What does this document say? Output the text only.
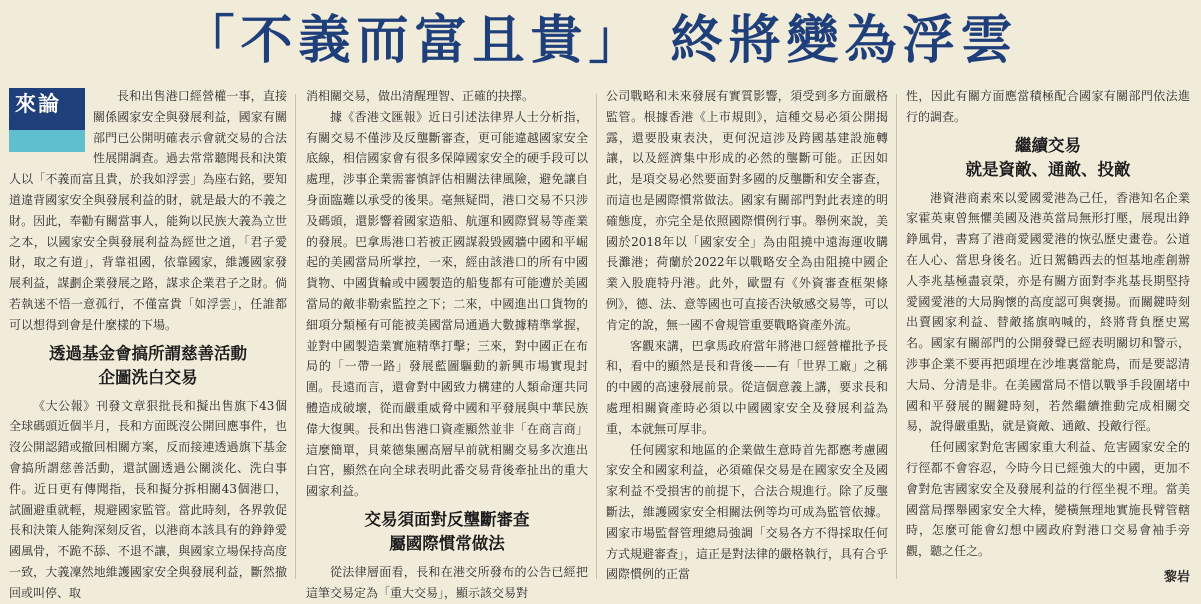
「不義而富且貴」 終將變為浮雲
來論	長和出售港口經營權一事，直接關係國家安全與發展利益，國家有關部門已公開明確表示會就交易的合法性展開調查。過去常常聽聞長和決策人以「不義而富且貴，於我如浮雲」為座右銘，要知道違背國家安全與發展利益的財，就是最大的不義之財。因此，奉勸有關當事人，能夠以民族大義為立世之本，以國家安全與發展利益為經世之道，「君子愛財，取之有道」，背靠祖國，依靠國家，維護國家發展利益，謀劃企業發展之路，謀求企業君子之財。倘若執迷不悟一意孤行，不僅富貴「如浮雲」，任誰都可以想得到會是什麼樣的下場。

透過基金會搞所謂慈善活動
企圖洗白交易

《大公報》刊發文章狠批長和擬出售旗下43個全球碼頭近個半月，長和方面既沒公開回應事件，也沒公開認錯或撤回相關方案，反而接連透過旗下基金會搞所謂慈善活動，還試圖透過公關淡化、洗白事件。近日更有傳聞指，長和擬分拆相關43個港口，試圖避重就輕，規避國家監管。當此時刻，各界敦促長和決策人能夠深刻反省，以港商本該具有的錚錚愛國風骨，不跪不舔、不退不讓，與國家立場保持高度一致，大義凜然地維護國家安全與發展利益，斷然撤回或叫停、取

消相關交易，做出清醒理智、正確的抉擇。

據《香港文匯報》近日引述法律界人士分析指，有關交易不僅涉及反壟斷審查，更可能違越國家安全底線，相信國家會有很多保障國家安全的硬手段可以處理，涉事企業需審慎評估相關法律風險，避免讓自身面臨難以承受的後果。毫無疑問，港口交易不只涉及碼頭，還影響着國家造船、航運和國際貿易等產業的發展。巴拿馬港口若被正國謀殺毀國牆中國和平崛起的美國當局所掌控，一來，經由該港口的所有中國貨物、中國貨輪或中國製造的船隻都有可能遭於美國當局的敵非勒索監控之下；二來，中國進出口貨物的細項分類極有可能被美國當局通過大數據精準掌握，並對中國製造業實施精準打擊；三來，對中國正在布局的「一帶一路」發展藍圖驅動的新興市場實現封圍。長遠而言，還會對中國致力構建的人類命運共同體造成破壞，從而嚴重威脅中國和平發展與中華民族偉大復興。長和出售港口資產顯然並非「在商言商」這麼簡單，貝萊德集團高層早前就相關交易多次進出白宮，顯然在向全球表明此番交易背後牽扯出的重大國家利益。

交易須面對反壟斷審查
屬國際慣常做法

從法律層面看，長和在港交所發布的公告已經把這筆交易定為「重大交易」，顯示該交易對

公司戰略和未來發展有實質影響，須受到多方面嚴格監管。根據香港《上市規則》，這種交易必須公開揭露，還要股東表決，更何況這涉及跨國基建設施轉讓，以及經濟集中形成的必然的壟斷可能。正因如此，是項交易必然要面對多國的反壟斷和安全審查，而這也是國際慣常做法。國家有關部門對此表達的明確態度，亦完全是依照國際慣例行事。舉例來說，美國於2018年以「國家安全」為由阻撓中遠海運收購長灘港；荷蘭於2022年以戰略安全為由阻撓中國企業入股鹿特丹港。此外，歐盟有《外資審查框架條例》，德、法、意等國也可直接否決敏感交易等，可以肯定的說，無一國不會規管重要戰略資產外流。

客觀來講，巴拿馬政府當年將港口經營權批予長和，看中的顯然是長和背後——有「世界工廠」之稱的中國的高速發展前景。從這個意義上講，要求長和處理相關資產時必須以中國國家安全及發展利益為重，本就無可厚非。

任何國家和地區的企業做生意時首先都應考慮國家安全和國家利益，必須確保交易是在國家安全及國家利益不受損害的前提下，合法合規進行。除了反壟斷法，維護國家安全相關法例等均可成為監管依據。國家市場監督管理總局強調「交易各方不得採取任何方式規避審查」，這正是對法律的嚴格執行，具有合乎國際慣例的正當

性，因此有關方面應當積極配合國家有關部門依法進行的調查。

繼續交易
就是資敵、通敵、投敵

港資港商素來以愛國愛港為己任，香港知名企業家霍英東曾無懼美國及港英當局無形打壓，展現出錚錚風骨，書寫了港商愛國愛港的恢弘歷史畫卷。公道在人心、當思身後名。近日駕鶴西去的恒基地產創辦人李兆基極盡哀榮，亦是有關方面對李兆基長期堅持愛國愛港的大局胸懷的高度認可與褒揚。而關鍵時刻出賣國家利益、替敵搖旗吶喊的，終將背負歷史罵名。國家有關部門的公開發聲已經表明關切和警示，涉事企業不要再把頭埋在沙堆裏當鴕鳥，而是要認清大局、分清是非。在美國當局不惜以戰爭手段圍堵中國和平發展的關鍵時刻，若然繼續推動完成相關交易，說得嚴重點，就是資敵、通敵、投敵行徑。

任何國家對危害國家重大利益、危害國家安全的行徑都不會容忍，今時今日已經強大的中國，更加不會對危害國家安全及發展利益的行徑坐視不理。當美國當局擇舉國家安全大棒，變橫無理地實施長臂管轄時，怎麼可能會幻想中國政府對港口交易會袖手旁觀，聽之任之。

黎岩
